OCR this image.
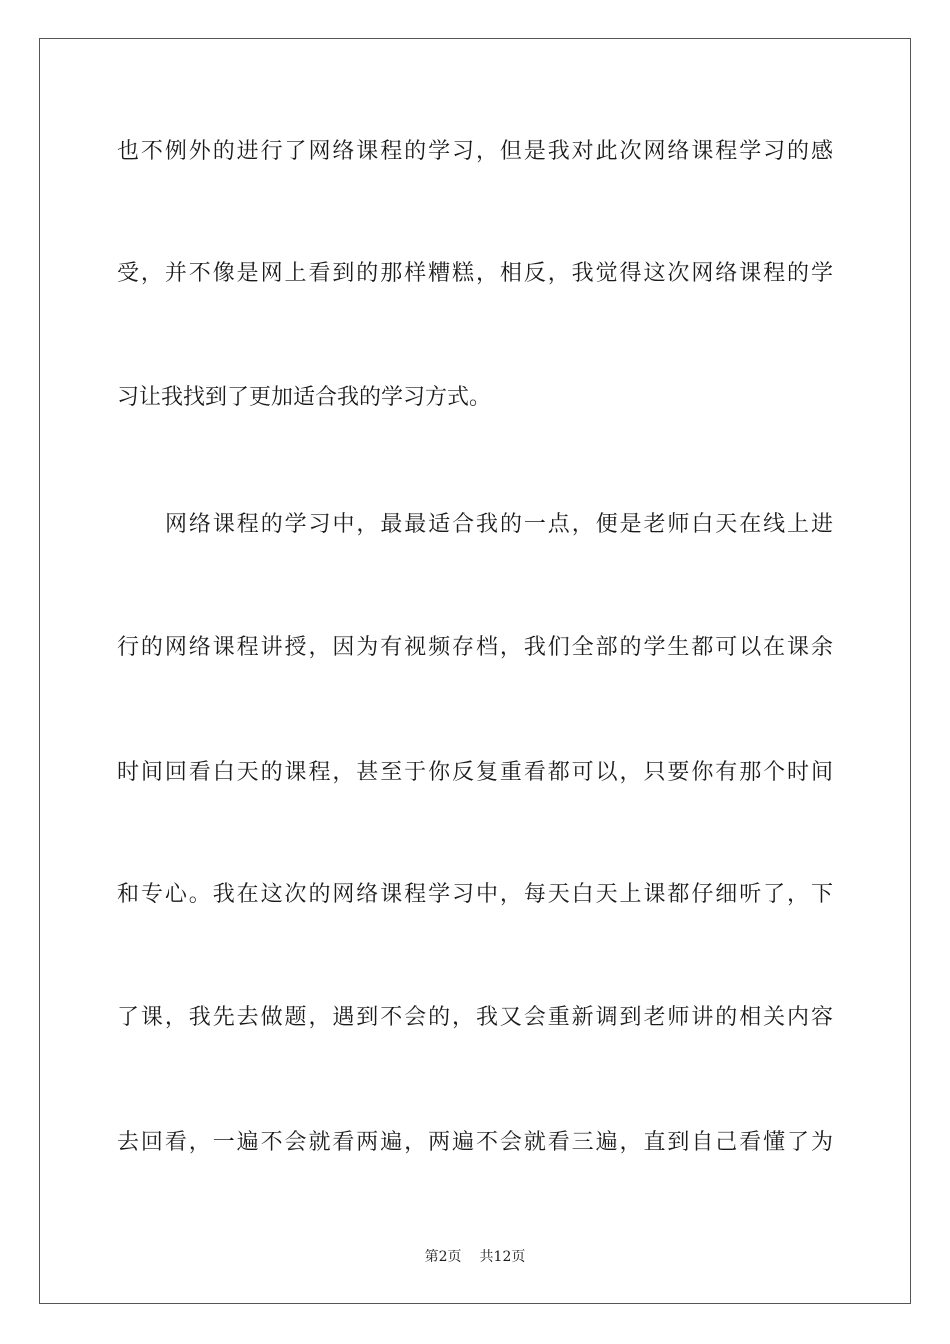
也不例外的进行了网络课程的学习，但是我对此次网络课程学习的感
受，并不像是网上看到的那样糟糕，相反，我觉得这次网络课程的学
习让我找到了更加适合我的学习方式。
网络课程的学习中，最最适合我的一点，便是老师白天在线上进
行的网络课程讲授，因为有视频存档，我们全部的学生都可以在课余
时间回看白天的课程，甚至于你反复重看都可以，只要你有那个时间
和专心。我在这次的网络课程学习中，每天白天上课都仔细听了，下
了课，我先去做题，遇到不会的，我又会重新调到老师讲的相关内容
去回看，一遍不会就看两遍，两遍不会就看三遍，直到自己看懂了为
第2页 共12页
